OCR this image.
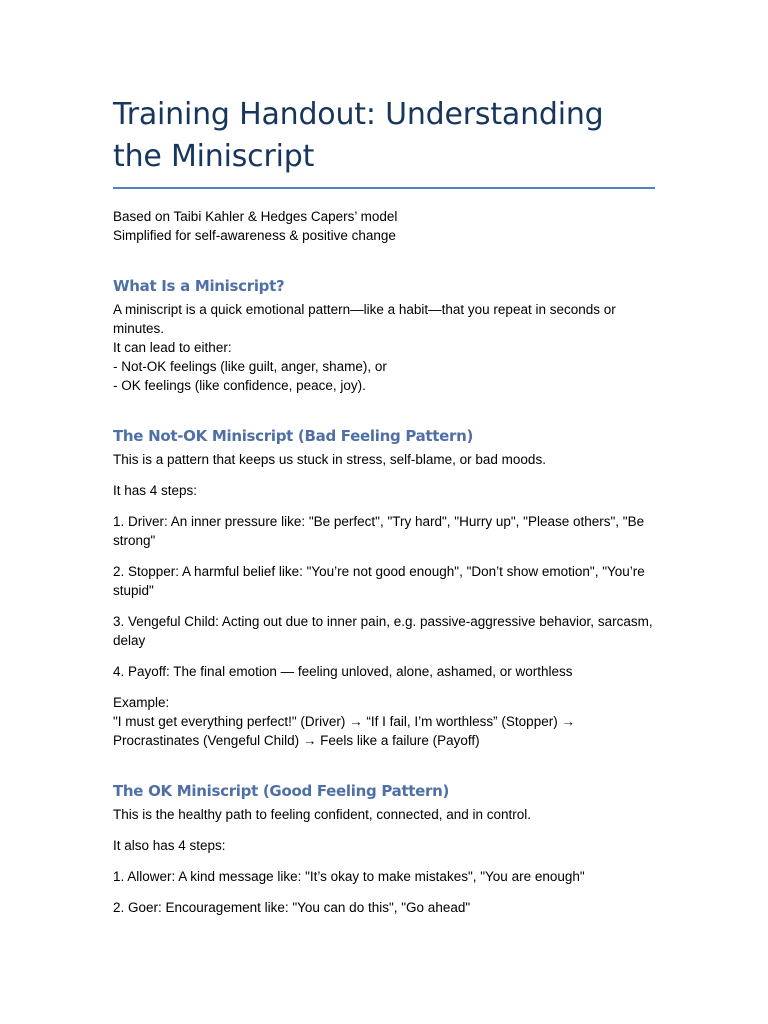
Training Handout: Understanding the Miniscript

Based on Taibi Kahler & Hedges Capers’ model

Simplified for self-awareness & positive change

What Is a Miniscript?

A miniscript is a quick emotional pattern—like a habit—that you repeat in seconds or minutes.
It can lead to either:
- Not-OK feelings (like guilt, anger, shame), or
- OK feelings (like confidence, peace, joy).

The Not-OK Miniscript (Bad Feeling Pattern)

This is a pattern that keeps us stuck in stress, self-blame, or bad moods.

It has 4 steps:

1. Driver: An inner pressure like: "Be perfect", "Try hard", "Hurry up", "Please others", "Be strong"

2. Stopper: A harmful belief like: "You’re not good enough", "Don’t show emotion", "You’re stupid"

3. Vengeful Child: Acting out due to inner pain, e.g. passive-aggressive behavior, sarcasm, delay

4. Payoff: The final emotion — feeling unloved, alone, ashamed, or worthless

Example:
"I must get everything perfect!" (Driver) → “If I fail, I’m worthless” (Stopper) → Procrastinates (Vengeful Child) → Feels like a failure (Payoff)

The OK Miniscript (Good Feeling Pattern)

This is the healthy path to feeling confident, connected, and in control.

It also has 4 steps:

1. Allower: A kind message like: "It’s okay to make mistakes", "You are enough"

2. Goer: Encouragement like: "You can do this", "Go ahead"
